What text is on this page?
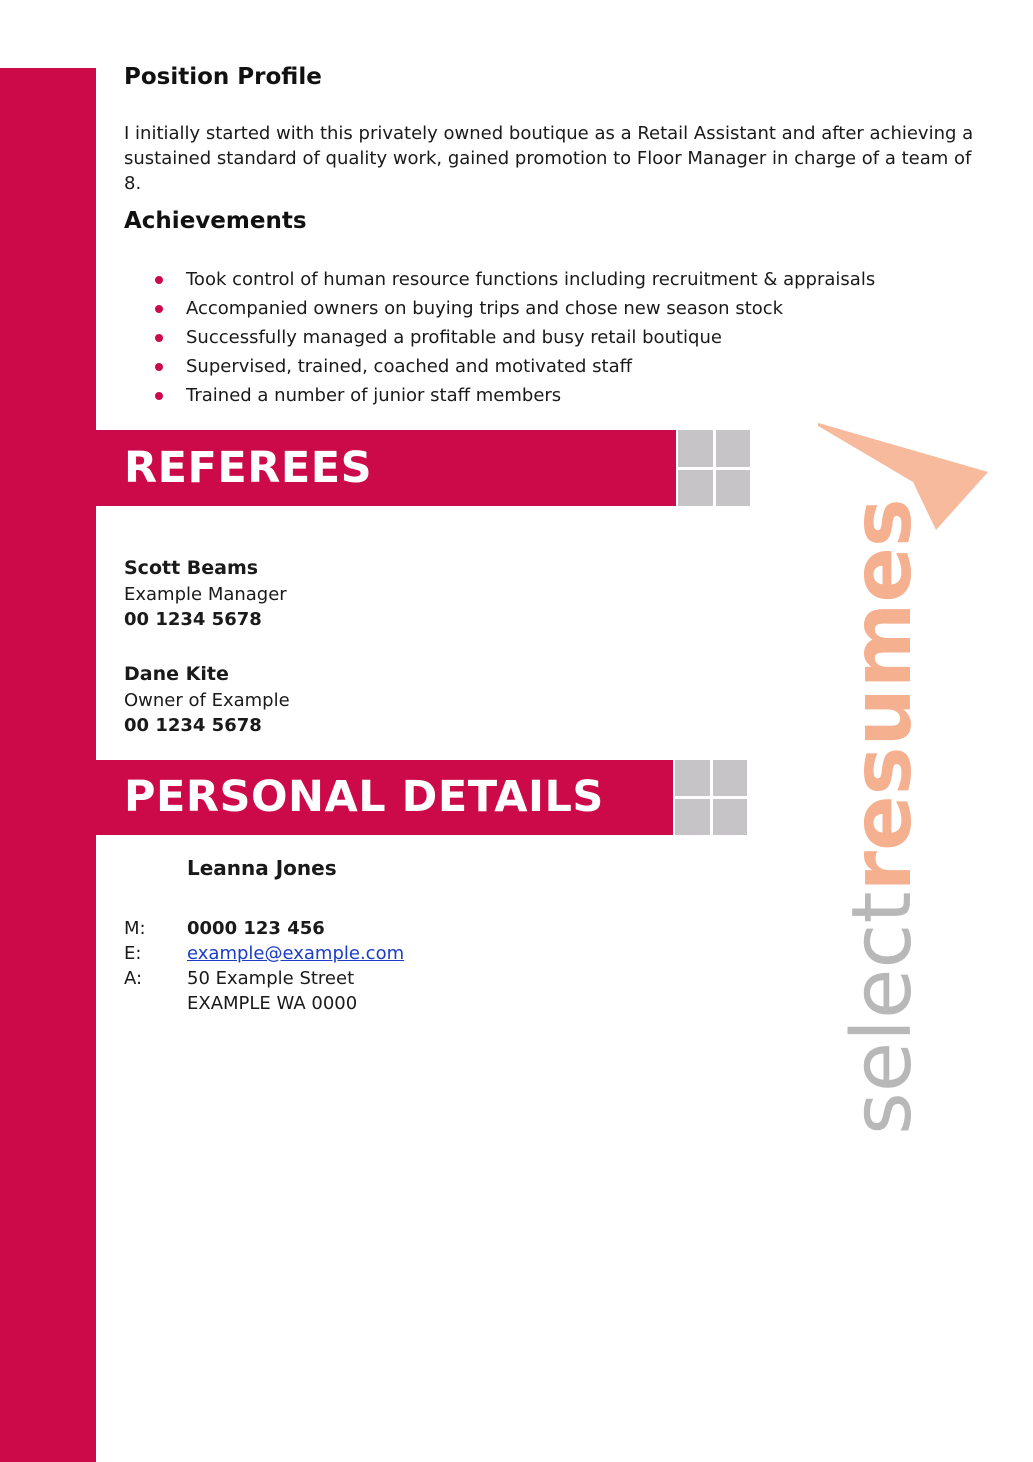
Position Profile

I initially started with this privately owned boutique as a Retail Assistant and after achieving a

sustained standard of quality work, gained promotion to Floor Manager in charge of a team of 8.

Achievements
Took control of human resource functions including recruitment & appraisals
Accompanied owners on buying trips and chose new season stock
Successfully managed a profitable and busy retail boutique
Supervised, trained, coached and motivated staff
Trained a number of junior staff members
REFEREES
Scott Beams
Example Manager
00 1234 5678
Dane Kite
Owner of Example
00 1234 5678
PERSONAL DETAILS
Leanna Jones
M: 0000 123 456
E:	example@example.com
A: 50 Example Street
EXAMPLE WA 0000	selectresumes
